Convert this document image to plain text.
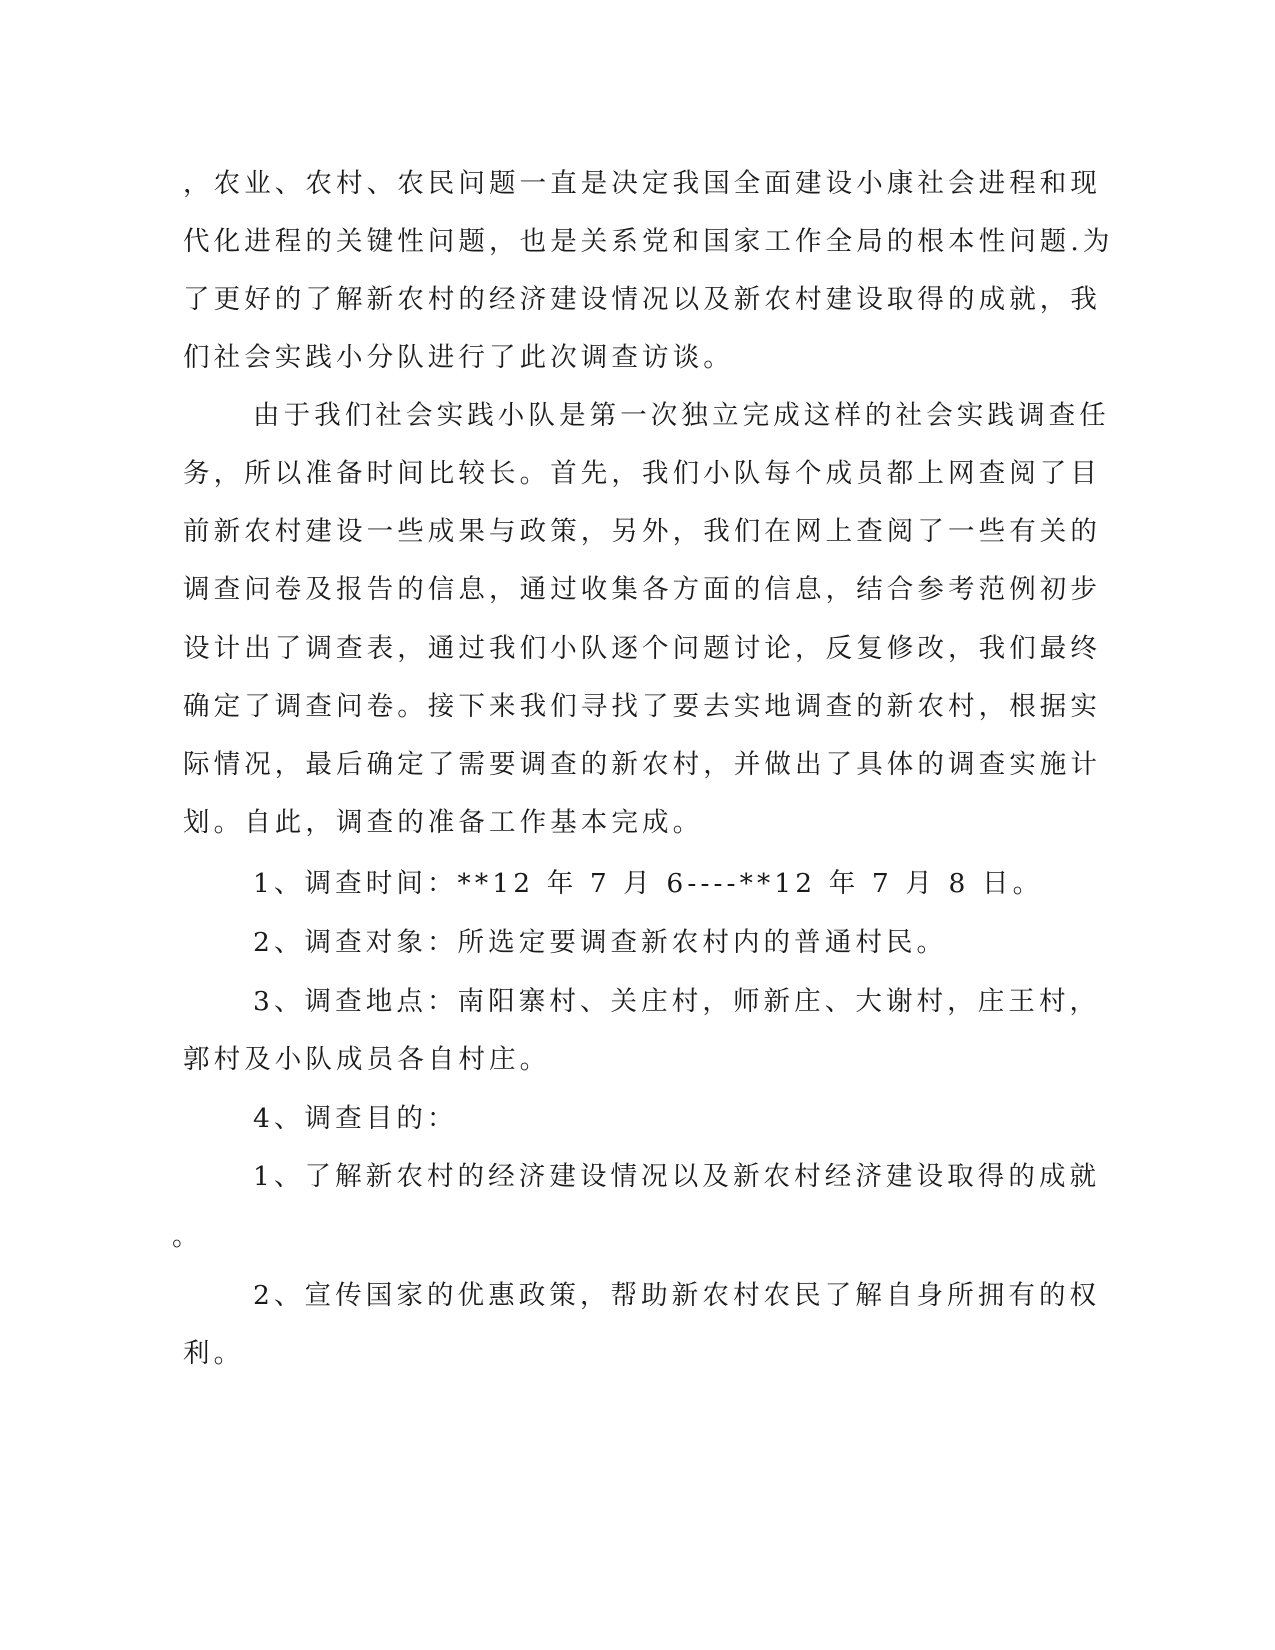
，农业、农村、农民问题一直是决定我国全面建设小康社会进程和现

代化进程的关键性问题，也是关系党和国家工作全局的根本性问题.为

了更好的了解新农村的经济建设情况以及新农村建设取得的成就，我

们社会实践小分队进行了此次调查访谈。

由于我们社会实践小队是第一次独立完成这样的社会实践调查任

务，所以准备时间比较长。首先，我们小队每个成员都上网查阅了目

前新农村建设一些成果与政策，另外，我们在网上查阅了一些有关的

调查问卷及报告的信息，通过收集各方面的信息，结合参考范例初步

设计出了调查表，通过我们小队逐个问题讨论，反复修改，我们最终

确定了调查问卷。接下来我们寻找了要去实地调查的新农村，根据实

际情况，最后确定了需要调查的新农村，并做出了具体的调查实施计

划。自此，调查的准备工作基本完成。

1、调查时间：**12 年 7 月 6----**12 年 7 月 8 日。

2、调查对象：所选定要调查新农村内的普通村民。

3、调查地点：南阳寨村、关庄村，师新庄、大谢村，庄王村，

郭村及小队成员各自村庄。

4、调查目的：

1、了解新农村的经济建设情况以及新农村经济建设取得的成就

。

2、宣传国家的优惠政策，帮助新农村农民了解自身所拥有的权

利。
